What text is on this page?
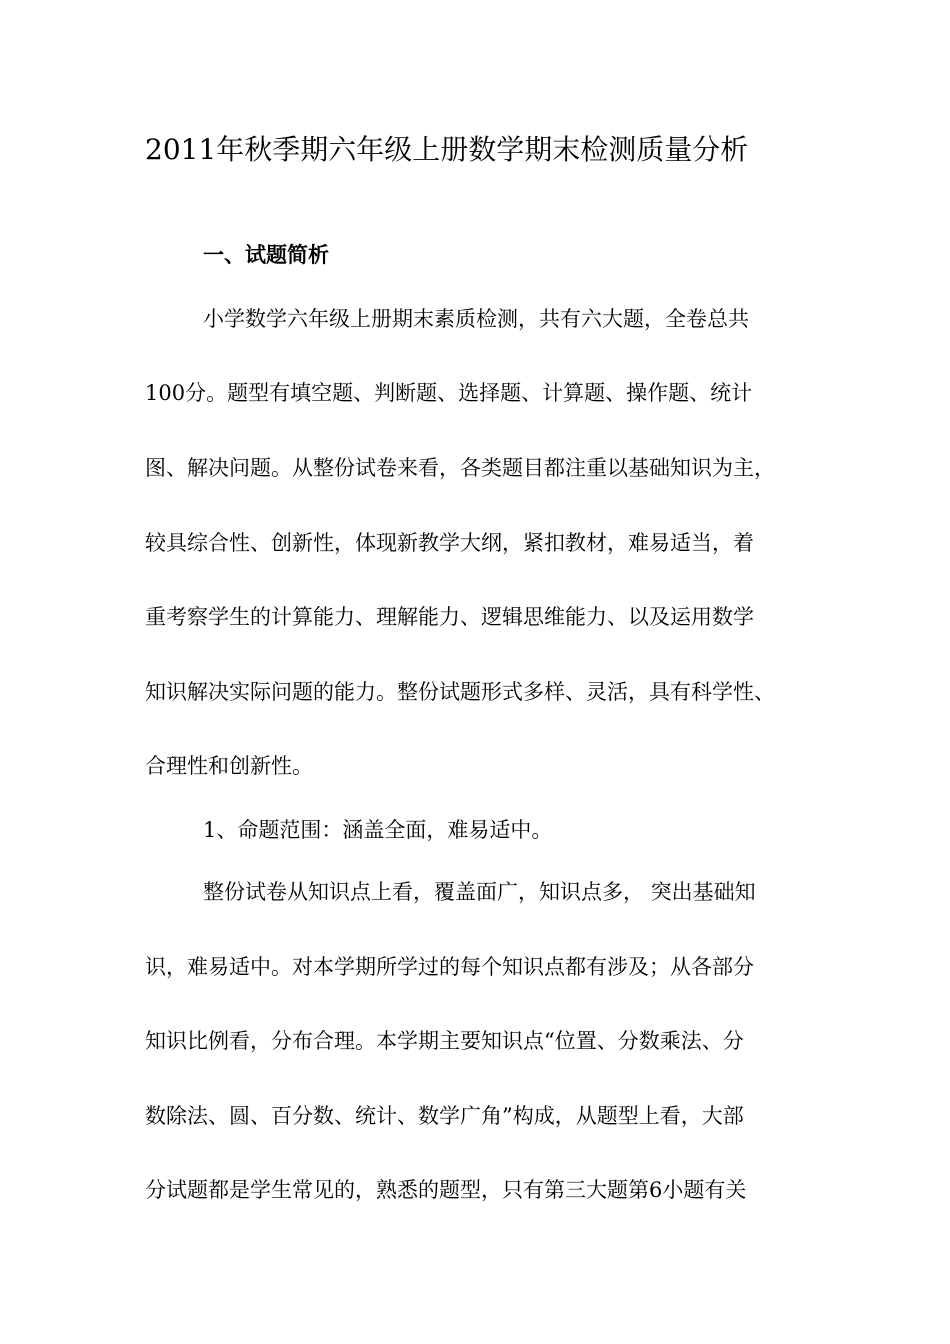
2011年秋季期六年级上册数学期末检测质量分析
一、试题简析

小学数学六年级上册期末素质检测，共有六大题，全卷总共

100分。题型有填空题、判断题、选择题、计算题、操作题、统计

图、解决问题。从整份试卷来看，各类题目都注重以基础知识为主，

较具综合性、创新性，体现新教学大纲，紧扣教材，难易适当，着

重考察学生的计算能力、理解能力、逻辑思维能力、以及运用数学

知识解决实际问题的能力。整份试题形式多样、灵活，具有科学性、

合理性和创新性。

1、命题范围：涵盖全面，难易适中。

整份试卷从知识点上看，覆盖面广，知识点多， 突出基础知

识，难易适中。对本学期所学过的每个知识点都有涉及；从各部分

知识比例看，分布合理。本学期主要知识点“位置、分数乘法、分

数除法、圆、百分数、统计、数学广角”构成，从题型上看，大部

分试题都是学生常见的，熟悉的题型，只有第三大题第6小题有关
